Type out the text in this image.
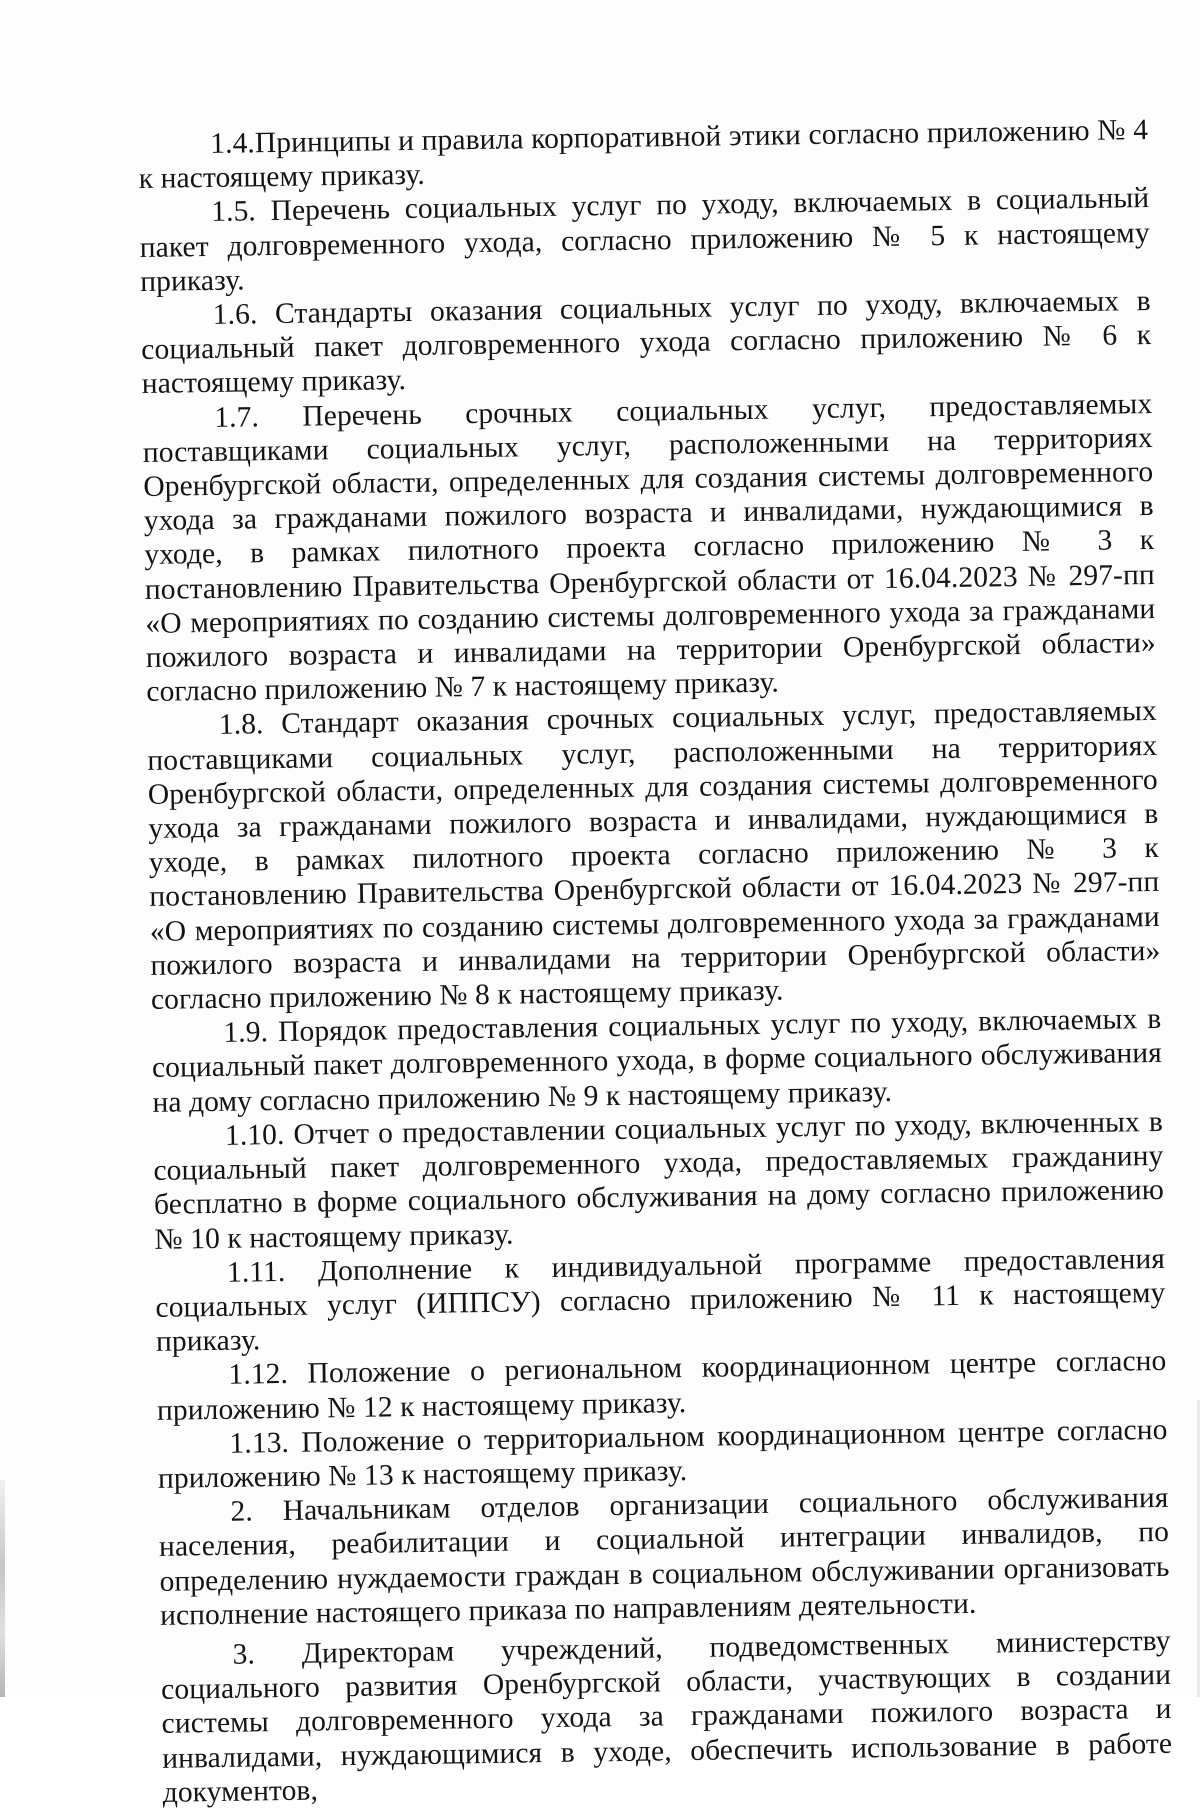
1.4.Принципы и правила корпоративной этики согласно приложению № 4 к настоящему приказу.

1.5. Перечень социальных услуг по уходу, включаемых в социальный пакет долговременного ухода, согласно приложению № 5 к настоящему приказу.

1.6. Стандарты оказания социальных услуг по уходу, включаемых в социальный пакет долговременного ухода согласно приложению № 6 к настоящему приказу.

1.7. Перечень срочных социальных услуг, предоставляемых поставщиками социальных услуг, расположенными на территориях Оренбургской области, определенных для создания системы долговременного ухода за гражданами пожилого возраста и инвалидами, нуждающимися в уходе, в рамках пилотного проекта согласно приложению № 3 к постановлению Правительства Оренбургской области от 16.04.2023 № 297-пп «О мероприятиях по созданию системы долговременного ухода за гражданами пожилого возраста и инвалидами на территории Оренбургской области» согласно приложению № 7 к настоящему приказу.

1.8. Стандарт оказания срочных социальных услуг, предоставляемых поставщиками социальных услуг, расположенными на территориях Оренбургской области, определенных для создания системы долговременного ухода за гражданами пожилого возраста и инвалидами, нуждающимися в уходе, в рамках пилотного проекта согласно приложению № 3 к постановлению Правительства Оренбургской области от 16.04.2023 № 297-пп «О мероприятиях по созданию системы долговременного ухода за гражданами пожилого возраста и инвалидами на территории Оренбургской области» согласно приложению № 8 к настоящему приказу.

1.9. Порядок предоставления социальных услуг по уходу, включаемых в социальный пакет долговременного ухода, в форме социального обслуживания на дому согласно приложению № 9 к настоящему приказу.

1.10. Отчет о предоставлении социальных услуг по уходу, включенных в социальный пакет долговременного ухода, предоставляемых гражданину бесплатно в форме социального обслуживания на дому согласно приложению № 10 к настоящему приказу.

1.11. Дополнение к индивидуальной программе предоставления социальных услуг (ИППСУ) согласно приложению № 11 к настоящему приказу.

1.12. Положение о региональном координационном центре согласно приложению № 12 к настоящему приказу.

1.13. Положение о территориальном координационном центре согласно приложению № 13 к настоящему приказу.

2. Начальникам отделов организации социального обслуживания населения, реабилитации и социальной интеграции инвалидов, по определению нуждаемости граждан в социальном обслуживании организовать исполнение настоящего приказа по направлениям деятельности.

3. Директорам учреждений, подведомственных министерству социального развития Оренбургской области, участвующих в создании системы долговременного ухода за гражданами пожилого возраста и инвалидами, нуждающимися в уходе, обеспечить использование в работе документов,
